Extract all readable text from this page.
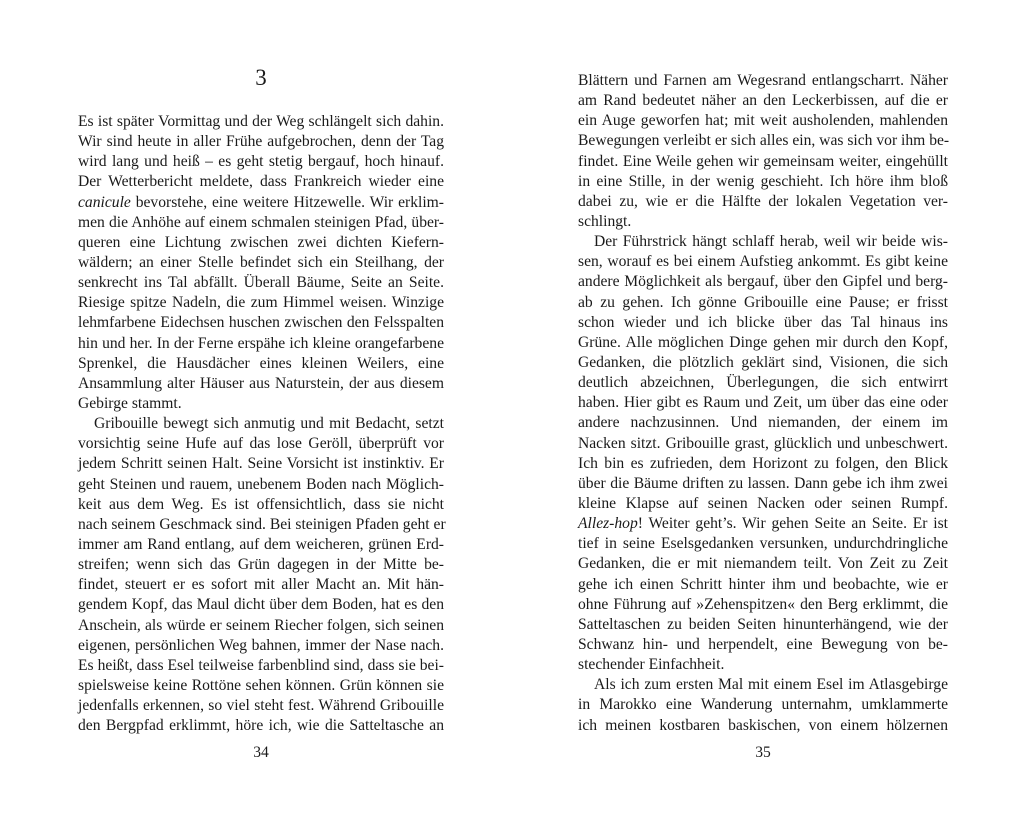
3
Es ist später Vormittag und der Weg schlängelt sich dahin.
Wir sind heute in aller Frühe aufgebrochen, denn der Tag
wird lang und heiß – es geht stetig bergauf, hoch hinauf.
Der Wetterbericht meldete, dass Frankreich wieder eine
canicule bevorstehe, eine weitere Hitzewelle. Wir erklim-
men die Anhöhe auf einem schmalen steinigen Pfad, über-
queren eine Lichtung zwischen zwei dichten Kiefern-
wäldern; an einer Stelle befindet sich ein Steilhang, der
senkrecht ins Tal abfällt. Überall Bäume, Seite an Seite.
Riesige spitze Nadeln, die zum Himmel weisen. Winzige
lehmfarbene Eidechsen huschen zwischen den Felsspalten
hin und her. In der Ferne erspähe ich kleine orangefarbene
Sprenkel, die Hausdächer eines kleinen Weilers, eine
Ansammlung alter Häuser aus Naturstein, der aus diesem
Gebirge stammt.
Gribouille bewegt sich anmutig und mit Bedacht, setzt
vorsichtig seine Hufe auf das lose Geröll, überprüft vor
jedem Schritt seinen Halt. Seine Vorsicht ist instinktiv. Er
geht Steinen und rauem, unebenem Boden nach Möglich-
keit aus dem Weg. Es ist offensichtlich, dass sie nicht
nach seinem Geschmack sind. Bei steinigen Pfaden geht er
immer am Rand entlang, auf dem weicheren, grünen Erd-
streifen; wenn sich das Grün dagegen in der Mitte be-
findet, steuert er es sofort mit aller Macht an. Mit hän-
gendem Kopf, das Maul dicht über dem Boden, hat es den
Anschein, als würde er seinem Riecher folgen, sich seinen
eigenen, persönlichen Weg bahnen, immer der Nase nach.
Es heißt, dass Esel teilweise farbenblind sind, dass sie bei-
spielsweise keine Rottöne sehen können. Grün können sie
jedenfalls erkennen, so viel steht fest. Während Gribouille
den Bergpfad erklimmt, höre ich, wie die Satteltasche an
34
Blättern und Farnen am Wegesrand entlangscharrt. Näher
am Rand bedeutet näher an den Leckerbissen, auf die er
ein Auge geworfen hat; mit weit ausholenden, mahlenden
Bewegungen verleibt er sich alles ein, was sich vor ihm be-
findet. Eine Weile gehen wir gemeinsam weiter, eingehüllt
in eine Stille, in der wenig geschieht. Ich höre ihm bloß
dabei zu, wie er die Hälfte der lokalen Vegetation ver-
schlingt.
Der Führstrick hängt schlaff herab, weil wir beide wis-
sen, worauf es bei einem Aufstieg ankommt. Es gibt keine
andere Möglichkeit als bergauf, über den Gipfel und berg-
ab zu gehen. Ich gönne Gribouille eine Pause; er frisst
schon wieder und ich blicke über das Tal hinaus ins
Grüne. Alle möglichen Dinge gehen mir durch den Kopf,
Gedanken, die plötzlich geklärt sind, Visionen, die sich
deutlich abzeichnen, Überlegungen, die sich entwirrt
haben. Hier gibt es Raum und Zeit, um über das eine oder
andere nachzusinnen. Und niemanden, der einem im
Nacken sitzt. Gribouille grast, glücklich und unbeschwert.
Ich bin es zufrieden, dem Horizont zu folgen, den Blick
über die Bäume driften zu lassen. Dann gebe ich ihm zwei
kleine Klapse auf seinen Nacken oder seinen Rumpf.
Allez-hop! Weiter geht’s. Wir gehen Seite an Seite. Er ist
tief in seine Eselsgedanken versunken, undurchdringliche
Gedanken, die er mit niemandem teilt. Von Zeit zu Zeit
gehe ich einen Schritt hinter ihm und beobachte, wie er
ohne Führung auf »Zehenspitzen« den Berg erklimmt, die
Satteltaschen zu beiden Seiten hinunterhängend, wie der
Schwanz hin- und herpendelt, eine Bewegung von be-
stechender Einfachheit.
Als ich zum ersten Mal mit einem Esel im Atlasgebirge
in Marokko eine Wanderung unternahm, umklammerte
ich meinen kostbaren baskischen, von einem hölzernen
35
